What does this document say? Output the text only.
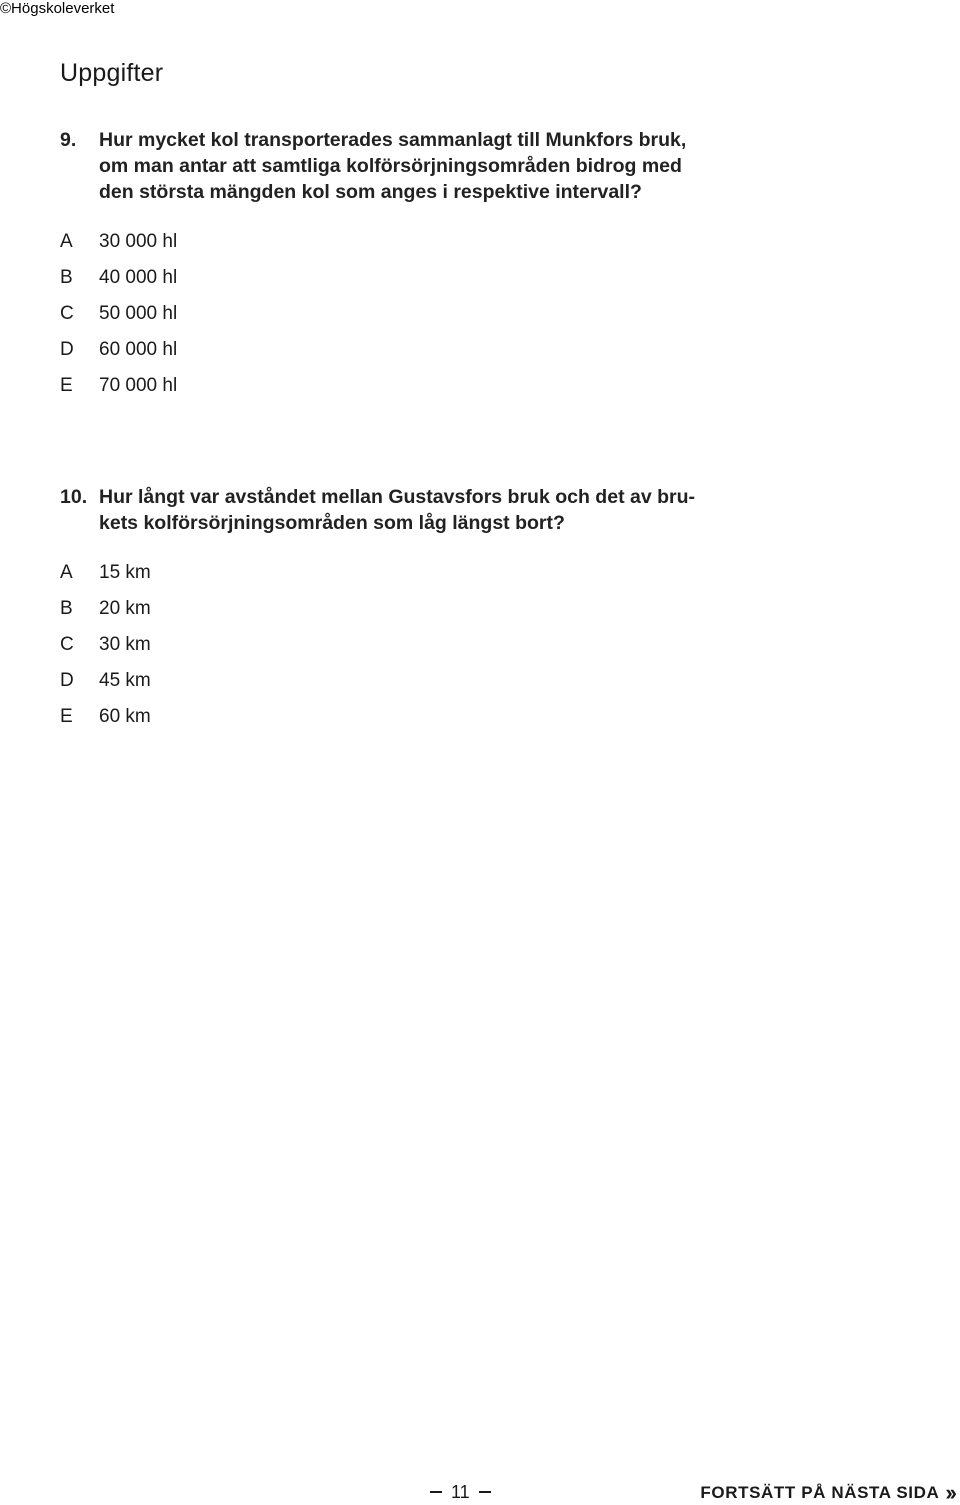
©Högskoleverket
Uppgifter
9. Hur mycket kol transporterades sammanlagt till Munkfors bruk,
om man antar att samtliga kolförsörjningsområden bidrog med
den största mängden kol som anges i respektive intervall?
A 30 000 hl
B 40 000 hl
C 50 000 hl
D 60 000 hl
E 70 000 hl
10. Hur långt var avståndet mellan Gustavsfors bruk och det av bru-
kets kolförsörjningsområden som låg längst bort?
A 15 km
B 20 km
C 30 km
D 45 km
E 60 km
11	FORTSÄTT PÅ NÄSTA SIDA ››
